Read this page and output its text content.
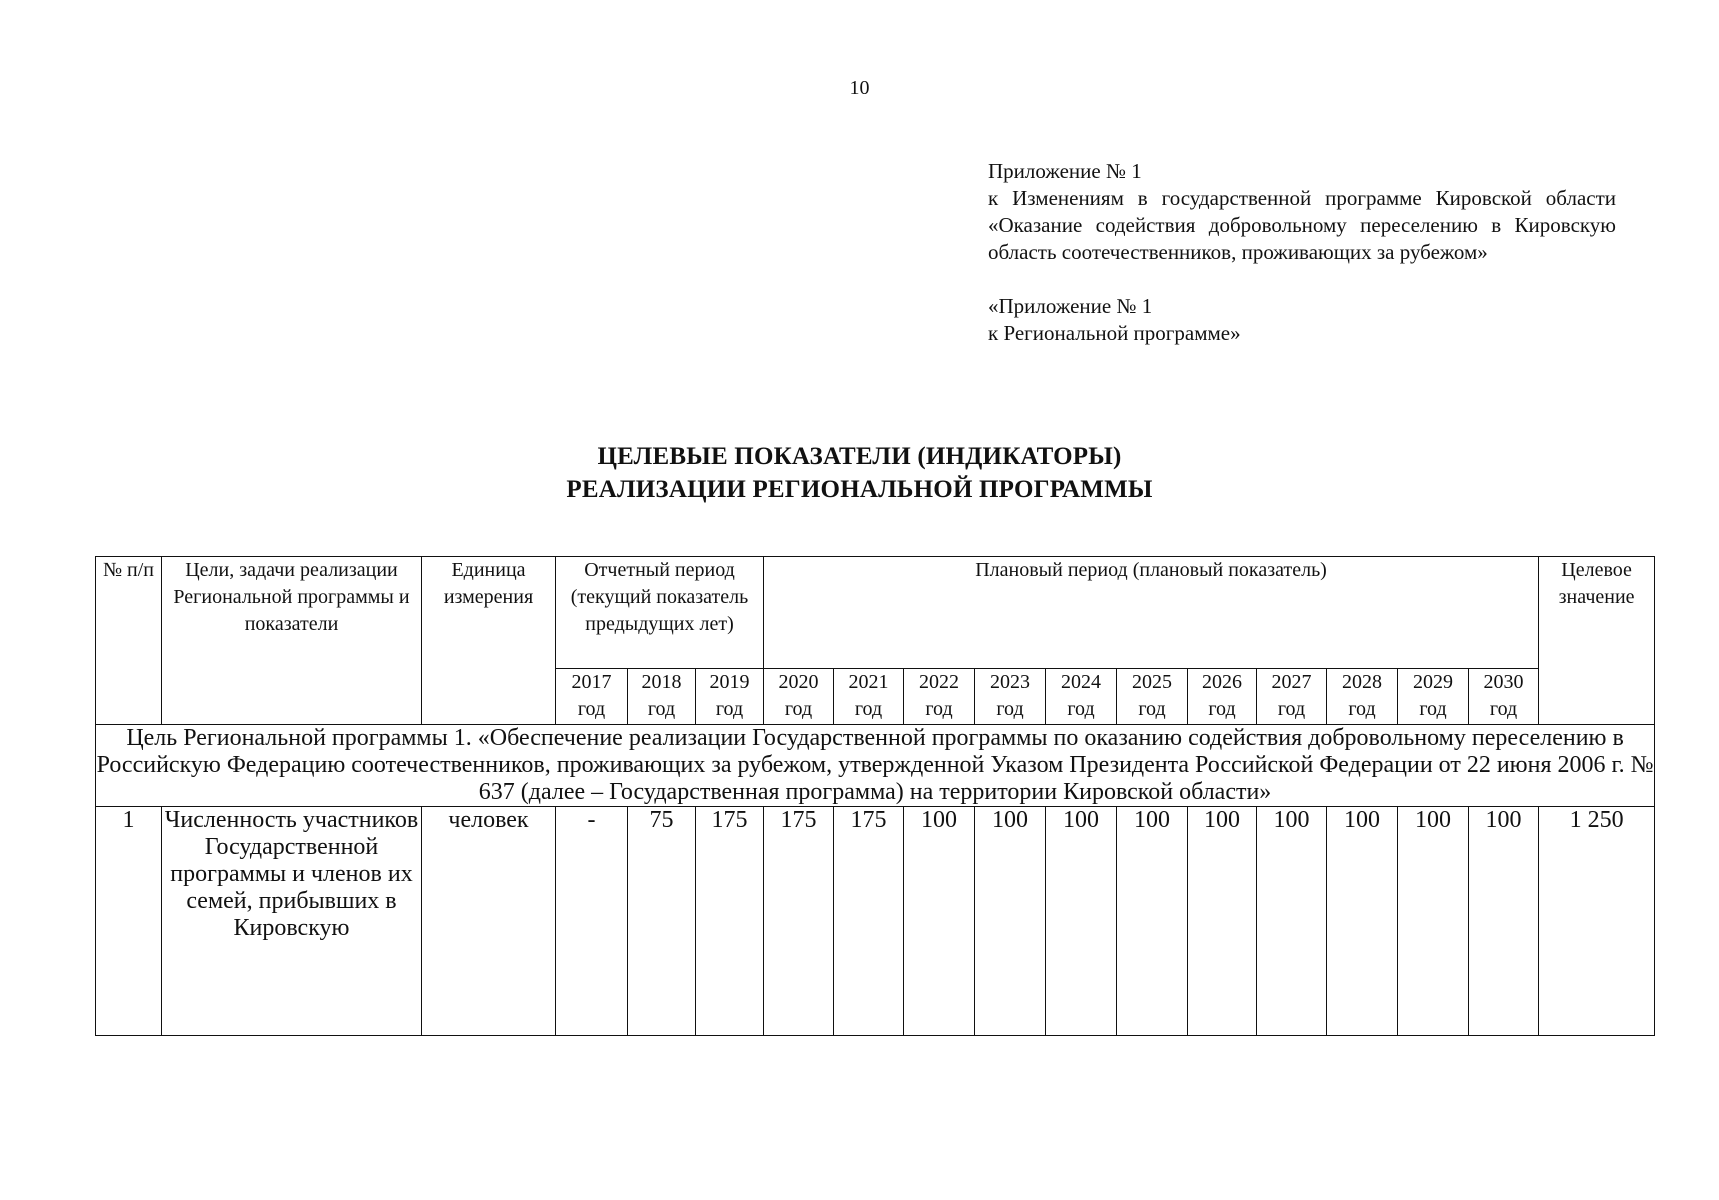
10

Приложение № 1

к Изменениям в государственной программе Кировской области «Оказание содействия добровольному переселению в Кировскую область соотечественников, проживающих за рубежом»

«Приложение № 1

к Региональной программе»

ЦЕЛЕВЫЕ ПОКАЗАТЕЛИ (ИНДИКАТОРЫ)
РЕАЛИЗАЦИИ РЕГИОНАЛЬНОЙ ПРОГРАММЫ
№ п/п	Цели, задачи реализации Региональной программы и показатели	Единица измерения	Отчетный период (текущий показатель предыдущих лет)			Плановый период (плановый показатель)											Целевое значение
			2017 год	2018 год	2019 год	2020 год	2021 год	2022 год	2023 год	2024 год	2025 год	2026 год	2027 год	2028 год	2029 год	2030 год	
Цель Региональной программы 1. «Обеспечение реализации Государственной программы по оказанию содействия добровольному переселению в Российскую Федерацию соотечественников, проживающих за рубежом, утвержденной Указом Президента Российской Федерации от 22 июня 2006 г. № 637 (далее – Государственная программа) на территории Кировской области»																	
1	Численность участников Государственной программы и членов их семей, прибывших в Кировскую	человек	-	75	175	175	175	100	100	100	100	100	100	100	100	100	1 250
